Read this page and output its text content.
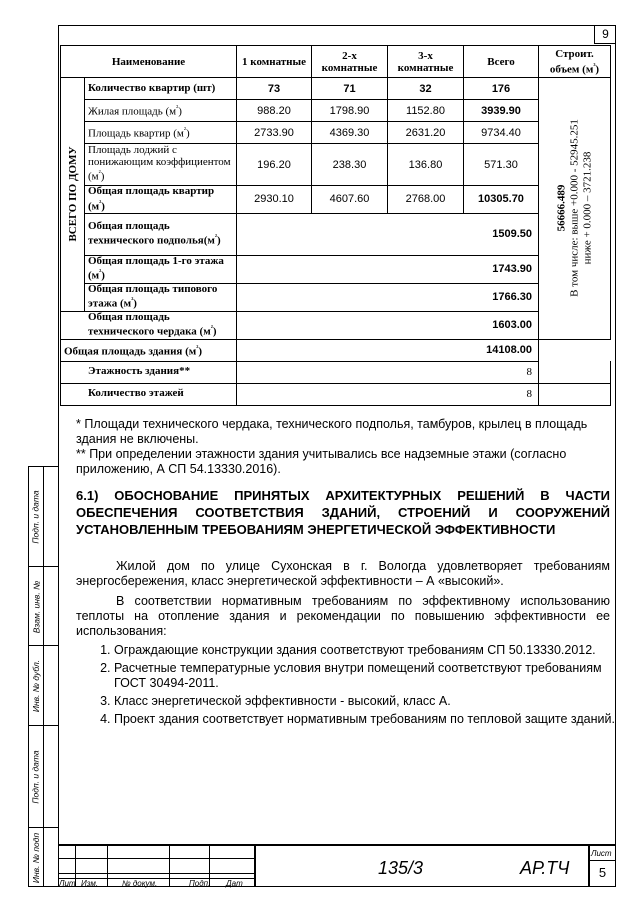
9
Подп. и дата
Взам. инв. №
Инв. № дубл.
Подп. и дата
Инв. № подп
Наименование		1 комнатные	2-х комнатные	3-х комнатные	Всего	Строит. объем $(м^{^3})$

ВСЕГО ПО ДОМУ	Количество квартир (шт)	73	71	32	176	56666.489 В том числе: выше +0.000 - 52945.251 ниже + 0.000 – 3721.238

	Жилая площадь $(м^{^2})$	988.20	1798.90	1152.80	3939.90	
	Площадь квартир $(м^{^2})$	2733.90	4369.30	2631.20	9734.40	
	Площадь лоджий с понижающим коэффициентом $(м^{^2})$	196.20	238.30	136.80	571.30	
	Общая площадь квартир $(м^{^2})$	2930.10	4607.60	2768.00	10305.70	
	Общая площадь технического $подполья(м^{^2})$	1509.50				
	Общая площадь 1-го этажа $(м^{^2})$	1743.90				
	Общая площадь типового этажа $(м^{^2})$	1766.30				
Общая площадь технического чердака $(м^{^2})$		1603.00				
Общая площадь здания $(м^{^2})$		14108.00				
Этажность здания**		8				
Количество этажей		8				
* Площади технического чердака, технического подполья, тамбуров, крылец в площадь здания не включены.
** При определении этажности здания учитывались все надземные этажи (согласно приложению, А СП 54.13330.2016).
6.1) ОБОСНОВАНИЕ ПРИНЯТЫХ АРХИТЕКТУРНЫХ РЕШЕНИЙ В ЧАСТИ ОБЕСПЕЧЕНИЯ СООТВЕТСТВИЯ ЗДАНИЙ, СТРОЕНИЙ И СООРУЖЕНИЙ УСТАНОВЛЕННЫМ ТРЕБОВАНИЯМ ЭНЕРГЕТИЧЕСКОЙ ЭФФЕКТИВНОСТИ
Жилой дом по улице Сухонская в г. Вологда удовлетворяет требованиям энергосбережения, класс энергетической эффективности – А «высокий».
В соответствии нормативным требованиям по эффективному использованию теплоты на отопление здания и рекомендации по повышению эффективности ее использования:
1. Ограждающие конструкции здания соответствуют требованиям СП 50.13330.2012.
2. Расчетные температурные условия внутри помещений соответствуют требованиям ГОСТ 30494-2011.
3. Класс энергетической эффективности - высокий, класс А.
4. Проект здания соответствует нормативным требованиям по тепловой защите зданий.
Лит Изм.	№ докум.	Подп. Дат
135/3	АР.ТЧ
Лист
5
